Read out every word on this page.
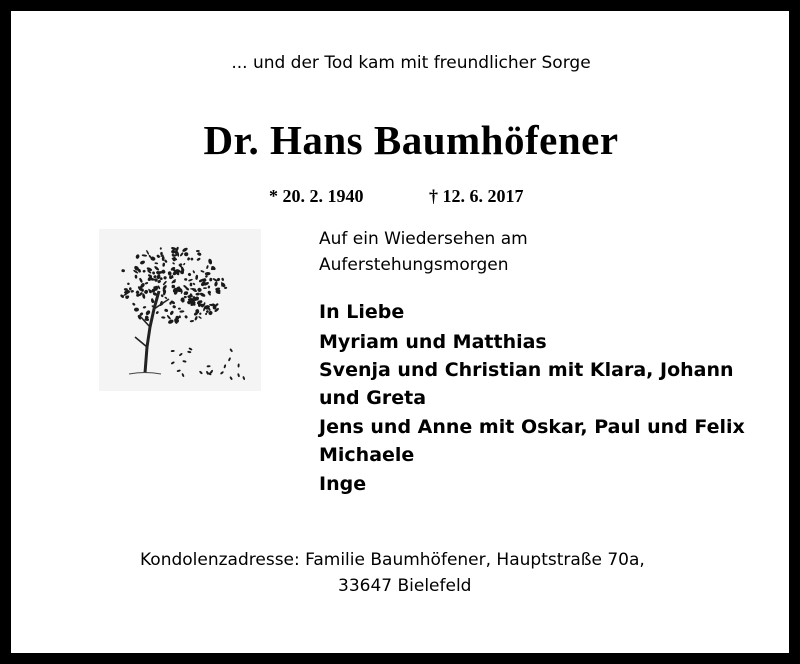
... und der Tod kam mit freundlicher Sorge
Dr. Hans Baumhöfener
* 20. 2. 1940	† 12. 6. 2017
Auf ein Wiedersehen am
Auferstehungsmorgen
In Liebe
Myriam und Matthias
Svenja und Christian mit Klara, Johann
und Greta
Jens und Anne mit Oskar, Paul und Felix
Michaele
Inge
Kondolenzadresse: Familie Baumhöfener, Hauptstraße 70a,
33647 Bielefeld
